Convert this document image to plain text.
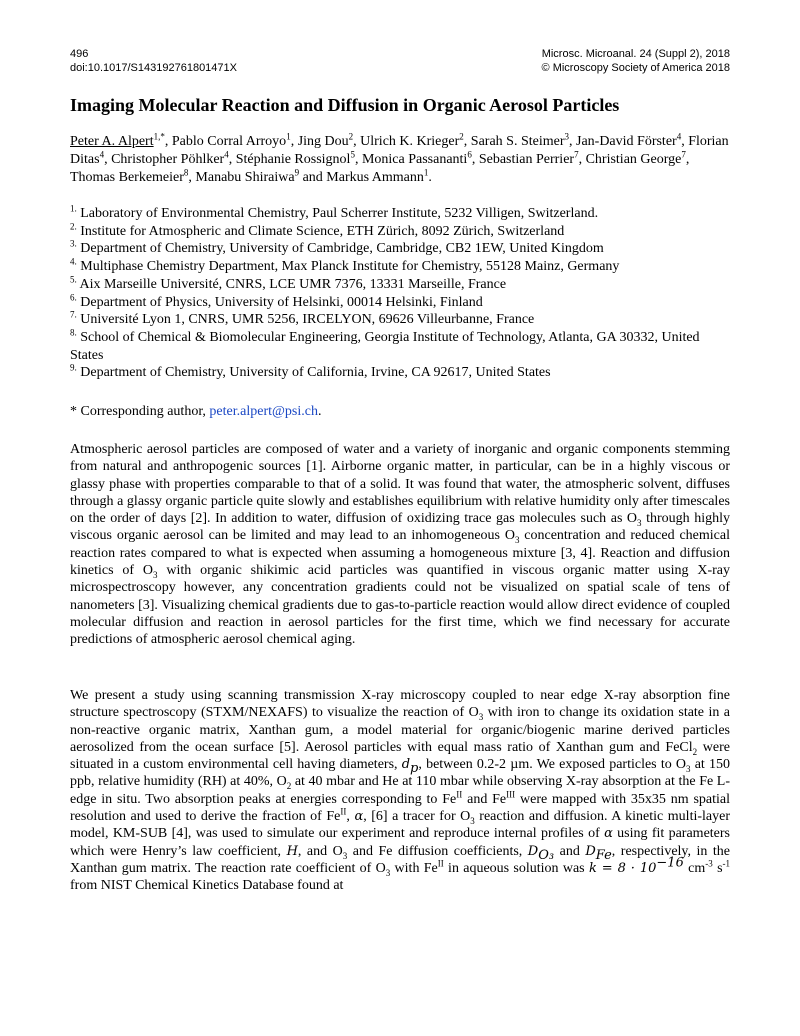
496
doi:10.1017/S143192761801471X
Microsc. Microanal. 24 (Suppl 2), 2018
© Microscopy Society of America 2018
Imaging Molecular Reaction and Diffusion in Organic Aerosol Particles
Peter A. Alpert$^{1,*}$, Pablo Corral Arroyo$^1$, Jing Dou$^2$, Ulrich K. Krieger$^2$, Sarah S. Steimer$^3$, Jan-David Förster$^4$, Florian Ditas$^4$, Christopher Pöhlker$^4$, Stéphanie Rossignol$^5$, Monica Passananti$^6$, Sebastian Perrier$^7$, Christian George$^7$, Thomas Berkemeier$^8$, Manabu Shiraiwa$^9$ and Markus Ammann$^1$.
$^{1.}$ Laboratory of Environmental Chemistry, Paul Scherrer Institute, 5232 Villigen, Switzerland.
$^{2.}$ Institute for Atmospheric and Climate Science, ETH Zürich, 8092 Zürich, Switzerland
$^{3.}$ Department of Chemistry, University of Cambridge, Cambridge, CB2 1EW, United Kingdom
$^{4.}$ Multiphase Chemistry Department, Max Planck Institute for Chemistry, 55128 Mainz, Germany
$^{5.}$ Aix Marseille Université, CNRS, LCE UMR 7376, 13331 Marseille, France
$^{6.}$ Department of Physics, University of Helsinki, 00014 Helsinki, Finland
$^{7.}$ Université Lyon 1, CNRS, UMR 5256, IRCELYON, 69626 Villeurbanne, France
$^{8.}$ School of Chemical & Biomolecular Engineering, Georgia Institute of Technology, Atlanta, GA 30332, United States
$^{9.}$ Department of Chemistry, University of California, Irvine, CA 92617, United States
* Corresponding author, peter.alpert@psi.ch.

Atmospheric aerosol particles are composed of water and a variety of inorganic and organic components stemming from natural and anthropogenic sources [1]. Airborne organic matter, in particular, can be in a highly viscous or glassy phase with properties comparable to that of a solid. It was found that water, the atmospheric solvent, diffuses through a glassy organic particle quite slowly and establishes equilibrium with relative humidity only after timescales on the order of days [2]. In addition to water, diffusion of oxidizing trace gas molecules such as $O_3$ through highly viscous organic aerosol can be limited and may lead to an inhomogeneous $O_3$ concentration and reduced chemical reaction rates compared to what is expected when assuming a homogeneous mixture [3, 4]. Reaction and diffusion kinetics of $O_3$ with organic shikimic acid particles was quantified in viscous organic matter using X-ray microspectroscopy however, any concentration gradients could not be visualized on spatial scale of tens of nanometers [3]. Visualizing chemical gradients due to gas-to-particle reaction would allow direct evidence of coupled molecular diffusion and reaction in aerosol particles for the first time, which we find necessary for accurate predictions of atmospheric aerosol chemical aging.

We present a study using scanning transmission X-ray microscopy coupled to near edge X-ray absorption fine structure spectroscopy (STXM/NEXAFS) to visualize the reaction of $O_3$ with iron to change its oxidation state in a non-reactive organic matrix, Xanthan gum, a model material for organic/biogenic marine derived particles aerosolized from the ocean surface [5]. Aerosol particles with equal mass ratio of Xanthan gum and FeCl$_2$ were situated in a custom environmental cell having diameters, $d_p$, between 0.2-2 µm. We exposed particles to $O_3$ at 150 ppb, relative humidity (RH) at 40%, $O_2$ at 40 mbar and He at 110 mbar while observing X-ray absorption at the Fe L-edge in situ. Two absorption peaks at energies corresponding to $Fe^{II}$ and $Fe^{III}$ were mapped with 35x35 nm spatial resolution and used to derive the fraction of $Fe^{II}$, α, [6] a tracer for $O_3$ reaction and diffusion. A kinetic multi-layer model, KM-SUB [4], was used to simulate our experiment and reproduce internal profiles of α using fit parameters which were Henry’s law coefficient, H, and $O_3$ and Fe diffusion coefficients, $D_{O_3}$ and $D_{Fe}$, respectively, in the Xanthan gum matrix. The reaction rate coefficient of $O_3$ with $Fe^{II}$ in aqueous solution was $k = 8 \cdot 10^{-16}$ $cm^{-3}$ $s^{-1}$ from NIST Chemical Kinetics Database found at
